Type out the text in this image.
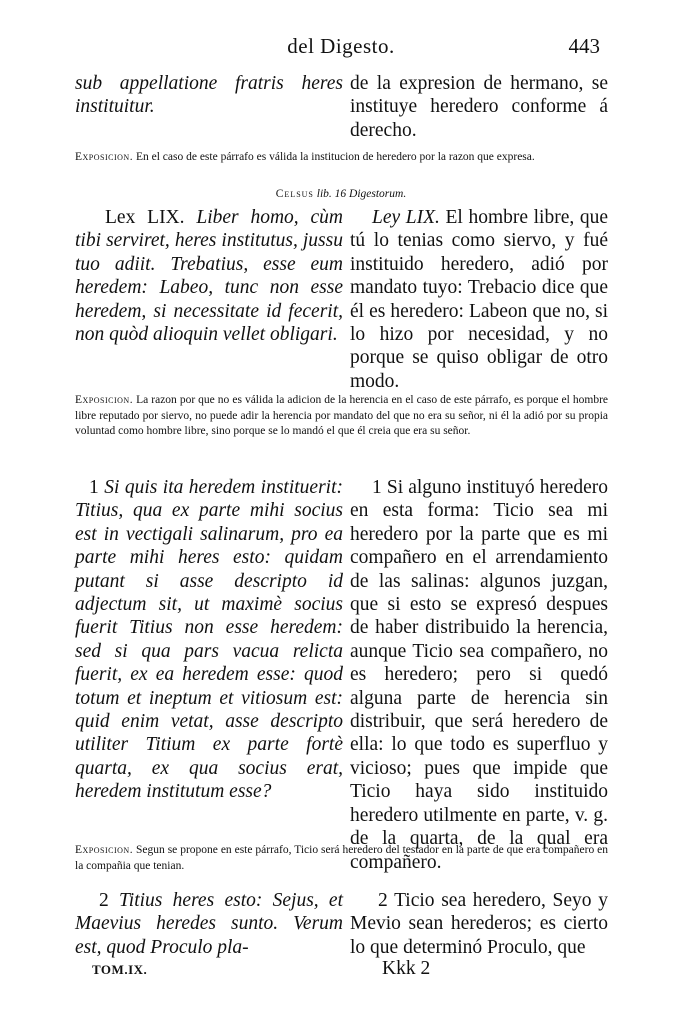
del Digesto.	443
sub appellatione fratris heres instituitur.
de la expresion de hermano, se instituye heredero conforme á derecho.
Exposicion. En el caso de este párrafo es válida la institucion de heredero por la razon que expresa.
Celsus lib. 16 Digestorum.
Lex LIX. Liber homo, cùm tibi serviret, heres institutus, jussu tuo adiit. Trebatius, esse eum heredem: Labeo, tunc non esse heredem, si necessitate id fecerit, non quòd alioquin vellet obligari.
Ley LIX. El hombre libre, que tú lo tenias como siervo, y fué instituido heredero, adió por mandato tuyo: Trebacio dice que él es heredero: Labeon que no, si lo hizo por necesidad, y no porque se quiso obligar de otro modo.
Exposicion. La razon por que no es válida la adicion de la herencia en el caso de este párrafo, es porque el hombre libre reputado por siervo, no puede adir la herencia por mandato del que no era su señor, ni él la adió por su propia voluntad como hombre libre, sino porque se lo mandó el que él creia que era su señor.
1 Si quis ita heredem instituerit: Titius, qua ex parte mihi socius est in vectigali salinarum, pro ea parte mihi heres esto: quidam putant si asse descripto id adjectum sit, ut maximè socius fuerit Titius non esse heredem: sed si qua pars vacua relicta fuerit, ex ea heredem esse: quod totum et ineptum et vitiosum est: quid enim vetat, asse descripto utiliter Titium ex parte fortè quarta, ex qua socius erat, heredem institutum esse?
1 Si alguno instituyó heredero en esta forma: Ticio sea mi heredero por la parte que es mi compañero en el arrendamiento de las salinas: algunos juzgan, que si esto se expresó despues de haber distribuido la herencia, aunque Ticio sea compañero, no es heredero; pero si quedó alguna parte de herencia sin distribuir, que será heredero de ella: lo que todo es superfluo y vicioso; pues que impide que Ticio haya sido instituido heredero utilmente en parte, v. g. de la quarta, de la qual era compañero.
Exposicion. Segun se propone en este párrafo, Ticio será heredero del testador en la parte de que era compañero en la compañia que tenian.
2 Titius heres esto: Sejus, et Maevius heredes sunto. Verum est, quod Proculo pla-
2 Ticio sea heredero, Seyo y Mevio sean herederos; es cierto lo que determinó Proculo, que
TOM.IX.	Kkk 2
